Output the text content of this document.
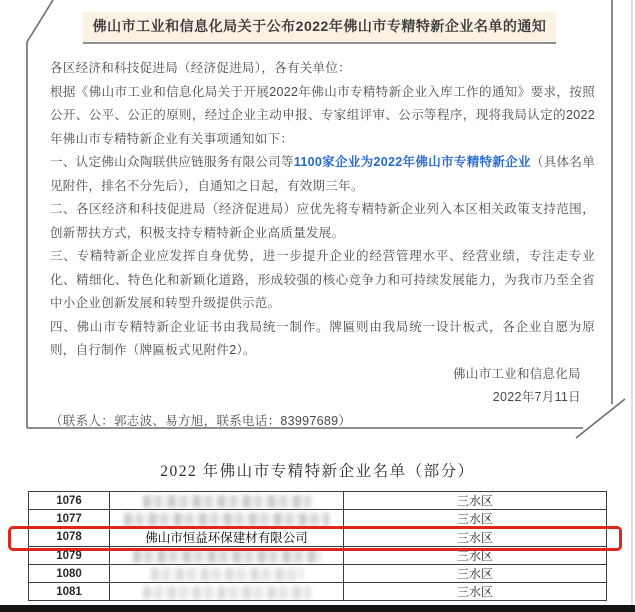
佛山市工业和信息化局关于公布2022年佛山市专精特新企业名单的通知

各区经济和科技促进局（经济促进局），各有关单位：

根据《佛山市工业和信息化局关于开展2022年佛山市专精特新企业入库工作的通知》要求，按照公开、公平、公正的原则，经过企业主动申报、专家组评审、公示等程序，现将我局认定的2022年佛山市专精特新企业有关事项通知如下：

一、认定佛山众陶联供应链服务有限公司等1100家企业为2022年佛山市专精特新企业（具体名单见附件，排名不分先后），自通知之日起，有效期三年。

二、各区经济和科技促进局（经济促进局）应优先将专精特新企业列入本区相关政策支持范围，创新帮扶方式，积极支持专精特新企业高质量发展。

三、专精特新企业应发挥自身优势，进一步提升企业的经营管理水平、经营业绩，专注走专业化、精细化、特色化和新颖化道路，形成较强的核心竞争力和可持续发展能力，为我市乃至全省中小企业创新发展和转型升级提供示范。

四、佛山市专精特新企业证书由我局统一制作。牌匾则由我局统一设计板式，各企业自愿为原则，自行制作（牌匾板式见附件2）。

佛山市工业和信息化局

2022年7月11日

（联系人：郭志波、易方旭，联系电话：83997689）

2022 年佛山市专精特新企业名单（部分）
1076		三水区
1077		三水区
1078	佛山市恒益环保建材有限公司	三水区
1079		三水区
1080		三水区
1081		三水区
